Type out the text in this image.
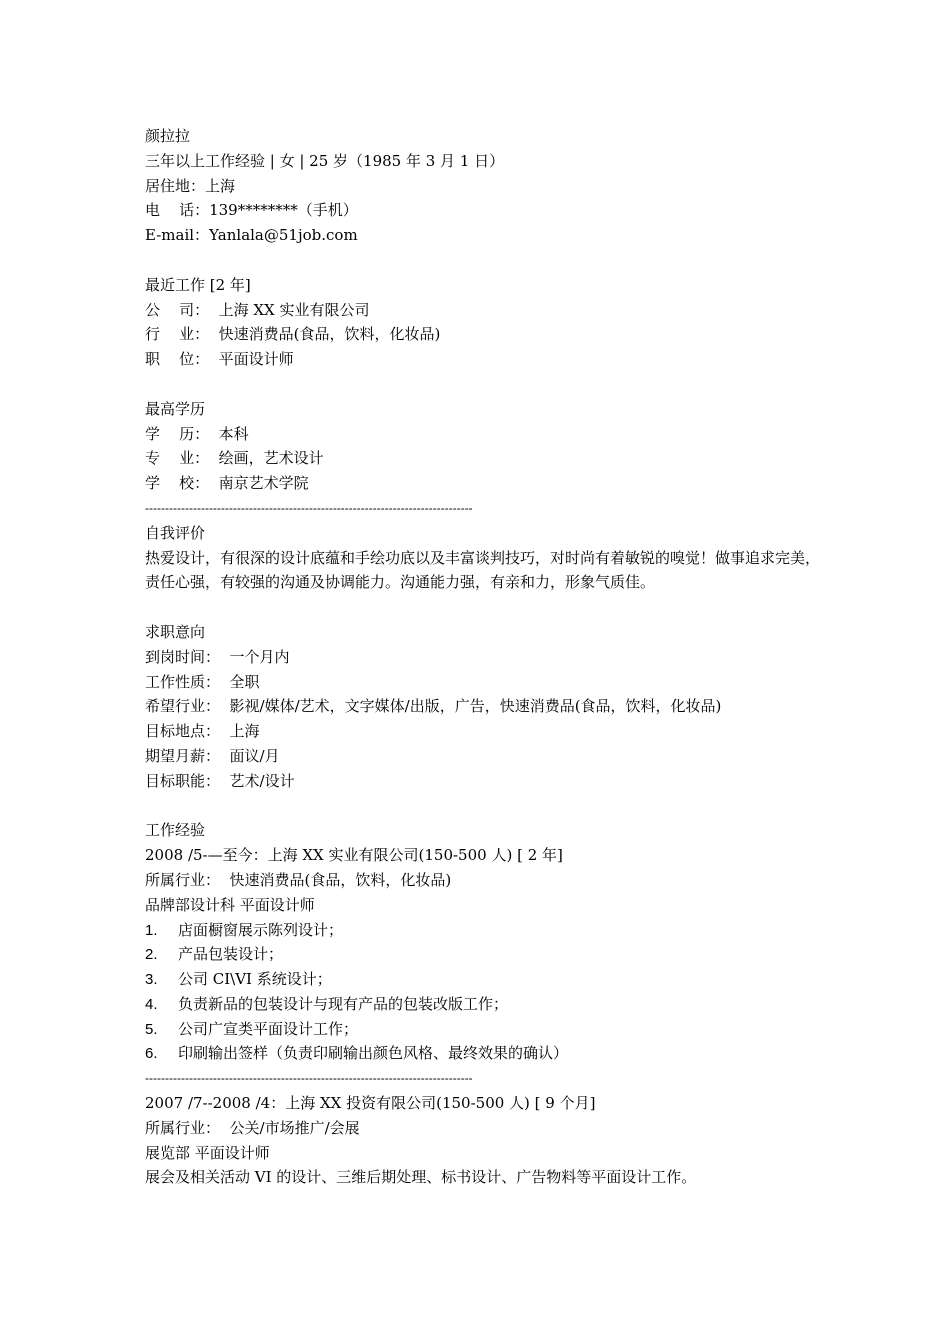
颜拉拉
三年以上工作经验 | 女 | 25 岁（1985 年 3 月 1 日）
居住地：上海
电    话：139********（手机）
E-mail：Yanlala@51job.com
最近工作 [2 年]
公    司：  上海 XX 实业有限公司
行    业：  快速消费品(食品，饮料，化妆品)
职    位：  平面设计师
最高学历
学    历：  本科
专    业：  绘画，艺术设计
学    校：  南京艺术学院
----------------------------------------------------------------------------------
自我评价
热爱设计，有很深的设计底蕴和手绘功底以及丰富谈判技巧，对时尚有着敏锐的嗅觉！做事追求完美，责任心强，有较强的沟通及协调能力。沟通能力强，有亲和力，形象气质佳。
求职意向
到岗时间：  一个月内
工作性质：  全职
希望行业：  影视/媒体/艺术，文字媒体/出版，广告，快速消费品(食品，饮料，化妆品)
目标地点：  上海
期望月薪：  面议/月
目标职能：  艺术/设计
工作经验
2008 /5-—至今：上海 XX 实业有限公司(150-500 人) [ 2 年]
所属行业：  快速消费品(食品，饮料，化妆品)
品牌部设计科 平面设计师
1. 店面橱窗展示陈列设计；
2. 产品包装设计；
3. 公司 CI\VI 系统设计；
4. 负责新品的包装设计与现有产品的包装改版工作；
5. 公司广宣类平面设计工作；
6. 印刷输出签样（负责印刷输出颜色风格、最终效果的确认）
----------------------------------------------------------------------------------
2007 /7--2008 /4：上海 XX 投资有限公司(150-500 人) [ 9 个月]
所属行业：  公关/市场推广/会展
展览部 平面设计师
展会及相关活动 VI 的设计、三维后期处理、标书设计、广告物料等平面设计工作。
